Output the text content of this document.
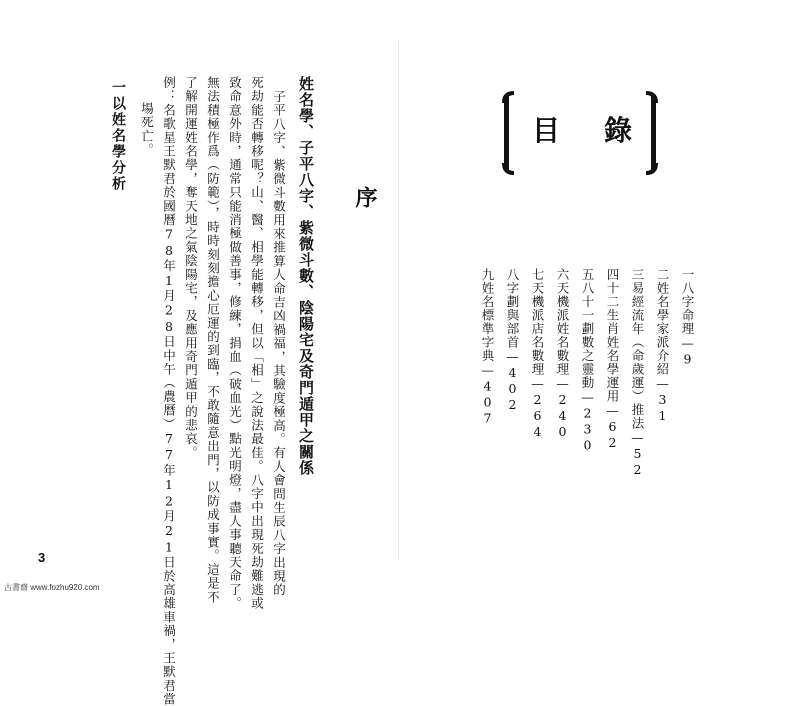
姓名學、子平八字、紫微斗數、陰陽宅及奇門遁甲之關係
子平八字、紫微斗數用來推算人命吉凶禍福，其驗度極高。有人會問生辰八字出現的
死劫能否轉移呢？山、醫、相學能轉移，但以「相」之說法最佳。八字中出現死劫難逃或
致命意外時，通常只能消極做善事，修練，捐血（破血光）點光明燈，盡人事聽天命了。
無法積極作爲（防範），時時刻刻擔心厄運的到臨，不敢隨意出門，以防成事實。這是不
了解開運姓名學，奪天地之氣陰陽宅，及應用奇門遁甲的悲哀。
例：名歌星王默君於國曆78年1月28日中午（農曆）77年12月21日於高雄車禍，王默君當
場死亡。
一以姓名學分析
序
3
古書齋 www.fozhu920.com
目 錄
一八字命理—9
二姓名學家派介紹—31
三易經流年（命歲運）推法—52
四十二生肖姓名學運用—62
五八十一劃數之靈動—230
六天機派姓名數理—240
七天機派店名數理—264
八字劃與部首—402
九姓名標準字典—407
